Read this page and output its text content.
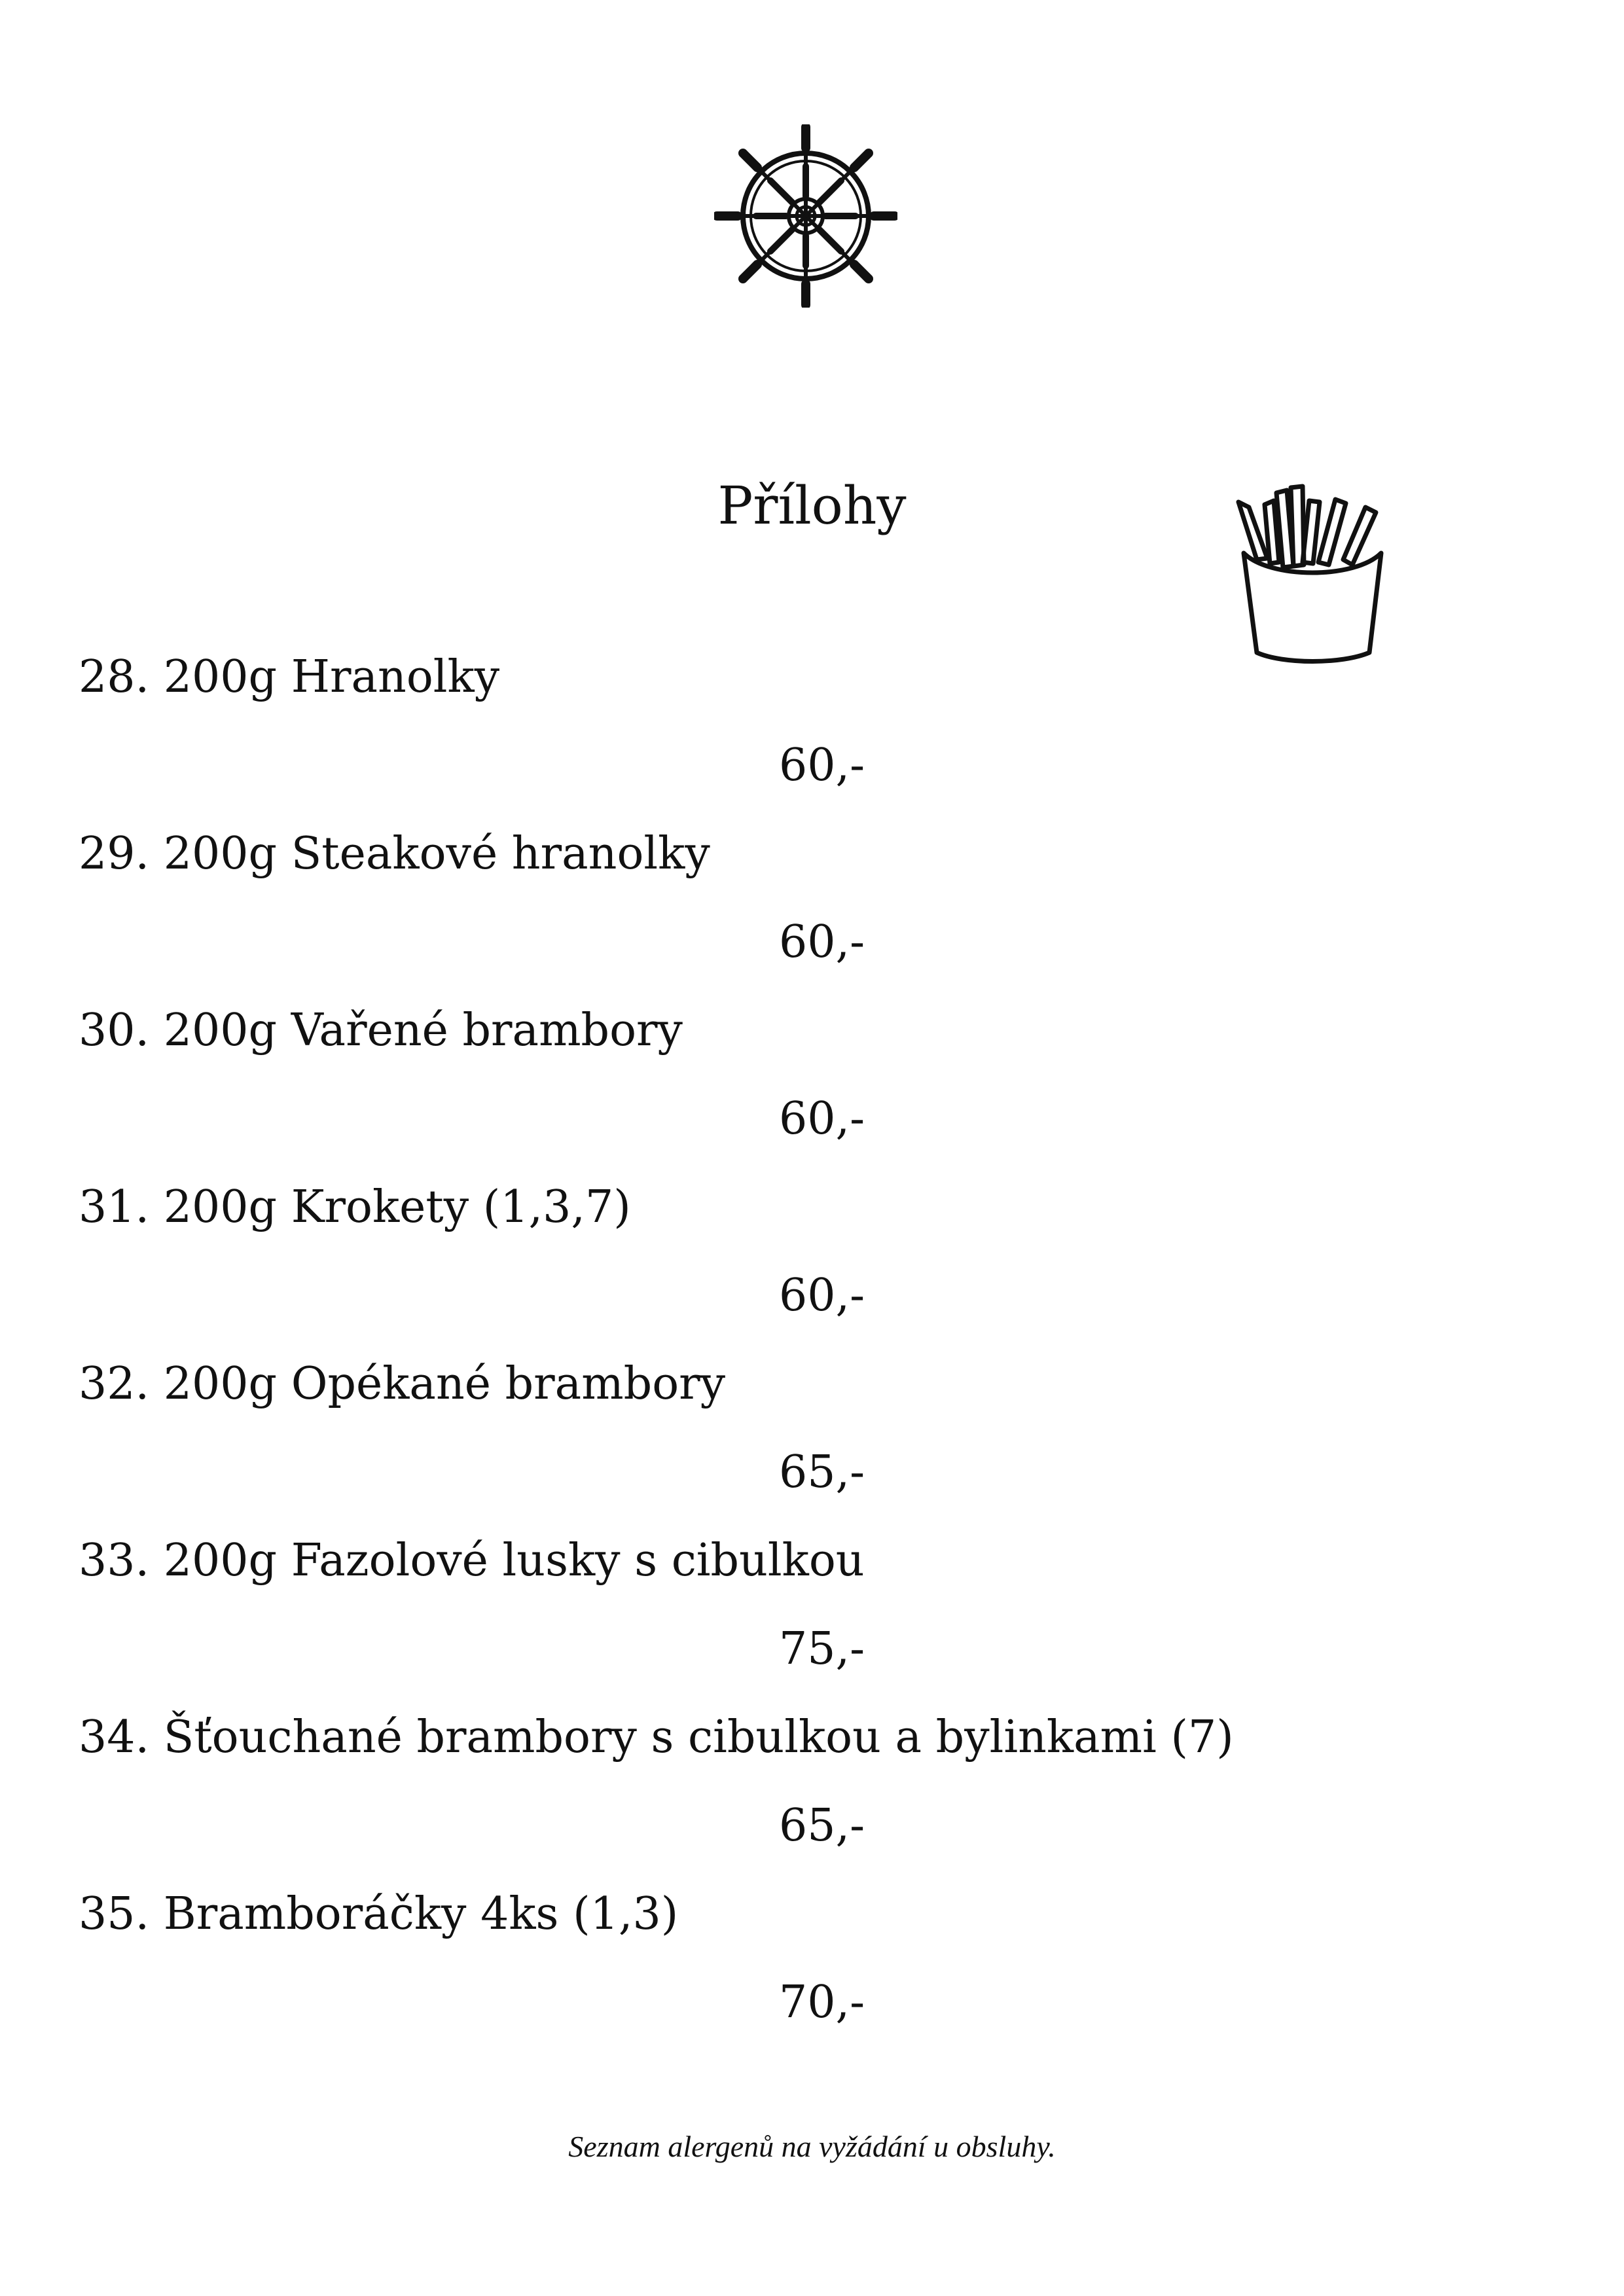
Přílohy
28. 200g Hranolky
60,-
29. 200g Steakové hranolky
60,-
30. 200g Vařené brambory
60,-
31. 200g Krokety (1,3,7)
60,-
32. 200g Opékané brambory
65,-
33. 200g Fazolové lusky s cibulkou
75,-
34. Šťouchané brambory s cibulkou a bylinkami (7)
65,-
35. Bramboráčky 4ks (1,3)
70,-
Seznam alergenů na vyžádání u obsluhy.
